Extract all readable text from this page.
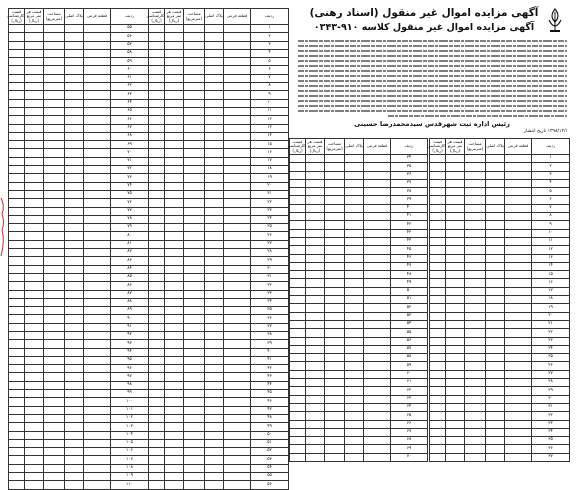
ردیف	قطعه فرعی	پلاک اصلی	مساحت (مترمربع)	قیمت هر متر مربع (ریال)	قیمت کارشناسی (ریال)
۵۵					
۵۶					
۵۷					
۵۸					
۵۹					
۶۰					
۶۱					
۶۲					
۶۳					
۶۴					
۶۵					
۶۶					
۶۷					
۶۸					
۶۹					
۷۰					
۷۱					
۷۲					
۷۳					
۷۴					
۷۵					
۷۶					
۷۷					
۷۸					
۷۹					
۸۰					
۸۱					
۸۲					
۸۳					
۸۴					
۸۵					
۸۶					
۸۷					
۸۸					
۸۹					
۹۰					
۹۱					
۹۲					
۹۳					
۹۴					
۹۵					
۹۶					
۹۷					
۹۸					
۹۹					
۱۰۰					
۱۰۱					
۱۰۲					
۱۰۳					
۱۰۴					
۱۰۵					
۱۰۶					
۱۰۷					
۱۰۸					
۱۰۹					
۱۱۰					
ردیف	قطعه فرعی	پلاک اصلی	مساحت (مترمربع)	قیمت هر متر مربع (ریال)	قیمت کارشناسی (ریال)
۱					
۲					
۳					
۴					
۵					
۶					
۷					
۸					
۹					
۱۰					
۱۱					
۱۲					
۱۳					
۱۴					
۱۵					
۱۶					
۱۷					
۱۸					
۱۹					
۲۰					
۲۱					
۲۲					
۲۳					
۲۴					
۲۵					
۲۶					
۲۷					
۲۸					
۲۹					
۳۰					
۳۱					
۳۲					
۳۳					
۳۴					
۳۵					
۳۶					
۳۷					
۳۸					
۳۹					
۴۰					
۴۱					
۴۲					
۴۳					
۴۴					
۴۵					
۴۶					
۴۷					
۴۸					
۴۹					
۵۰					
۵۱					
۵۲					
۵۳					
۵۴					
۵۵					
۵۶					
آگهی مزایده اموال غیر منقول (اسناد رهنی)
آگهی مزایده اموال غیر منقول کلاسه ۹۱۰-۰۳۴۳
رئیس اداره ثبت شهرقدس سیدمحمدرضا حسینی
۱۳۹۸/۱۲/۱ تاریخ انتشار
ردیف	قطعه فرعی	پلاک اصلی	مساحت (مترمربع)	قیمت هر متر مربع (ریال)	قیمت کارشناسی (ریال)
۳۴					
۳۵					
۳۶					
۳۷					
۳۸					
۳۹					
۴۰					
۴۱					
۴۲					
۴۳					
۴۴					
۴۵					
۴۶					
۴۷					
۴۸					
۴۹					
۵۰					
۵۱					
۵۲					
۵۳					
۵۴					
۵۵					
۵۶					
۵۷					
۵۸					
۵۹					
۶۰					
۶۱					
۶۲					
۶۳					
۶۴					
۶۵					
۶۶					
۶۷					
۶۸					
۶۹					
۷۰					
ردیف	قطعه فرعی	پلاک اصلی	مساحت (مترمربع)	قیمت هر متر مربع (ریال)	قیمت کارشناسی (ریال)
۱					
۲					
۳					
۴					
۵					
۶					
۷					
۸					
۹					
۱۰					
۱۱					
۱۲					
۱۳					
۱۴					
۱۵					
۱۶					
۱۷					
۱۸					
۱۹					
۲۰					
۲۱					
۲۲					
۲۳					
۲۴					
۲۵					
۲۶					
۲۷					
۲۸					
۲۹					
۳۰					
۳۱					
۳۲					
۳۳					
۳۴					
۳۵					
۳۶					
۳۷					
